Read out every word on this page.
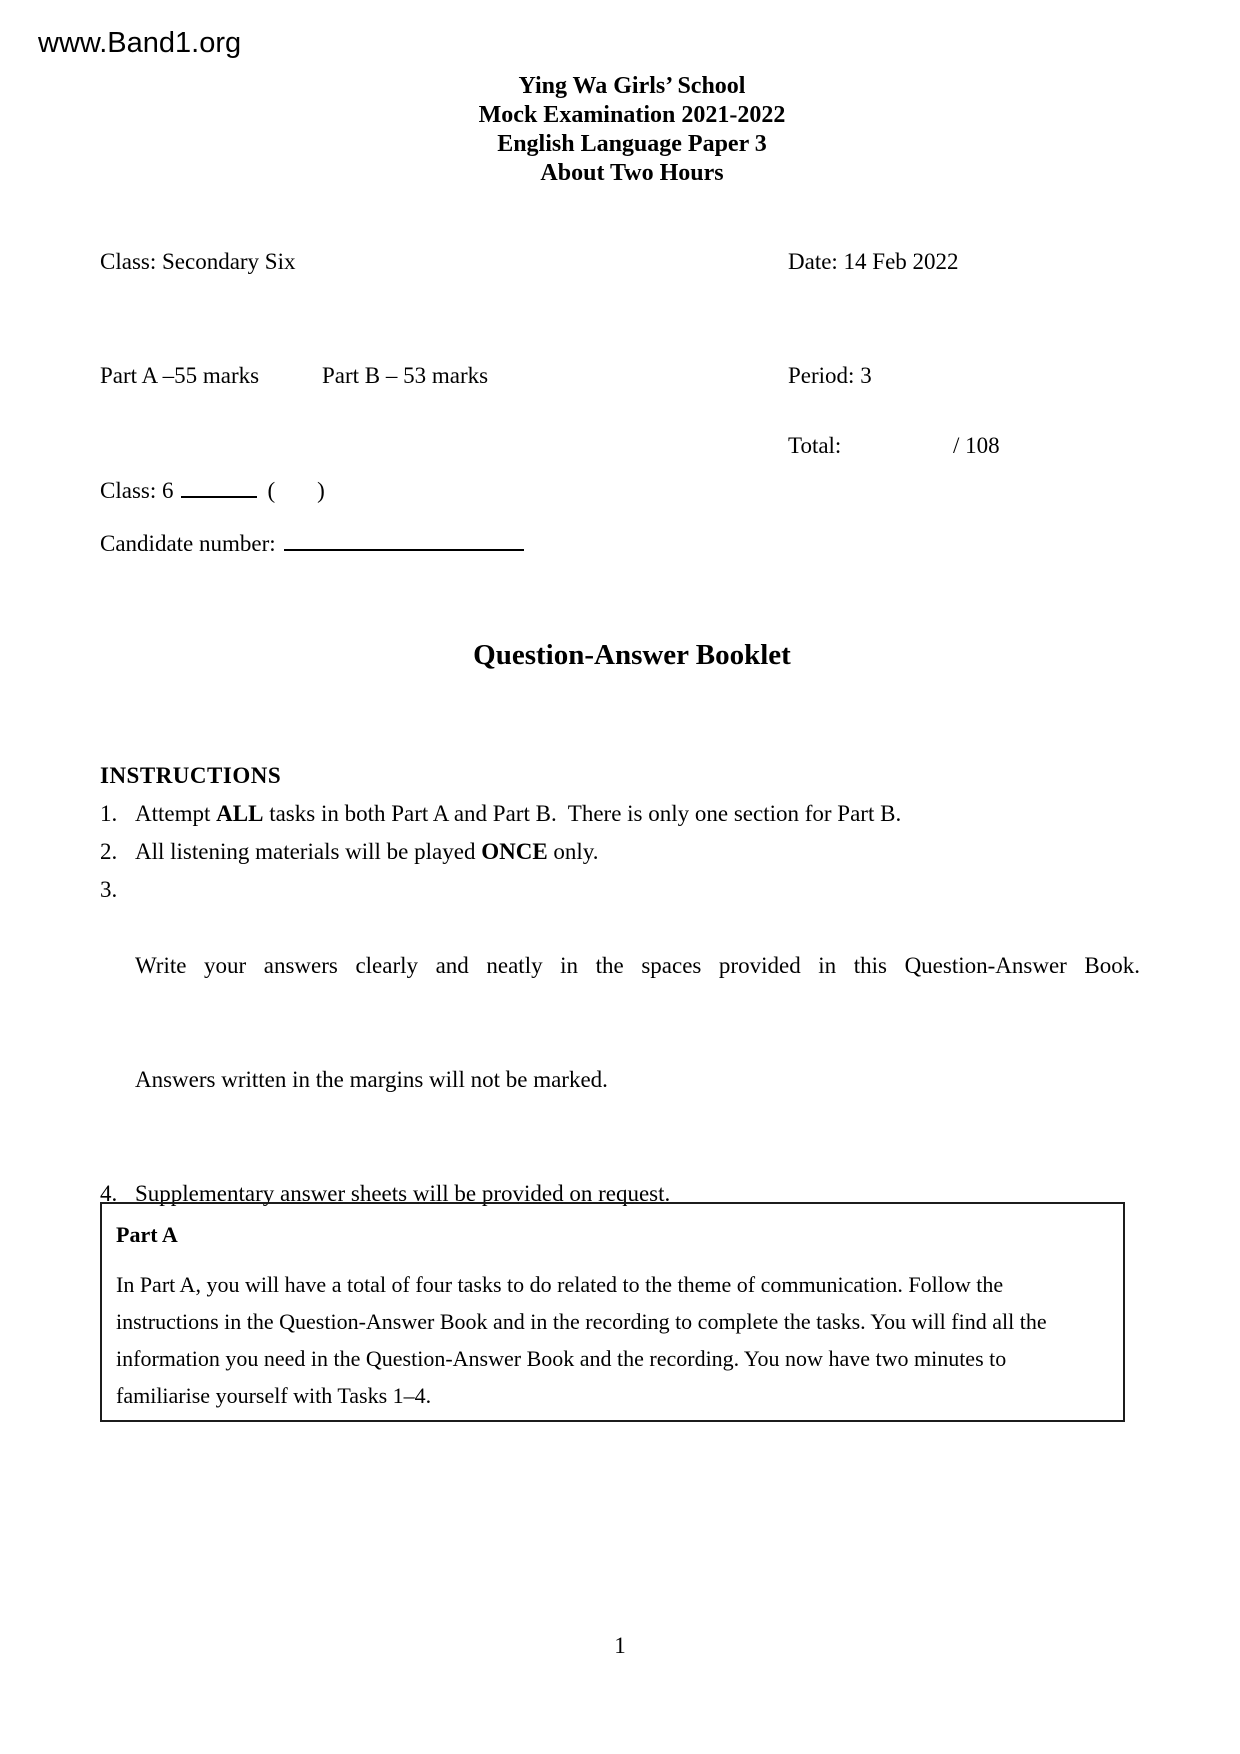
www.Band1.org
Ying Wa Girls’ School
Mock Examination 2021-2022
English Language Paper 3
About Two Hours
Class: Secondary Six	Date: 14 Feb 2022
Part A –55 marks	Part B – 53 marks	Period: 3
Total:	/ 108
Class: 6	( )
Candidate number:
Question-Answer Booklet
INSTRUCTIONS
1. Attempt ALL tasks in both Part A and Part B.  There is only one section for Part B.
2. All listening materials will be played ONCE only.
3.

Write your answers clearly and neatly in the spaces provided in this Question-Answer Book.

Answers written in the margins will not be marked.

4. Supplementary answer sheets will be provided on request.
Part A
In Part A, you will have a total of four tasks to do related to the theme of communication. Follow the instructions in the Question-Answer Book and in the recording to complete the tasks. You will find all the information you need in the Question-Answer Book and the recording. You now have two minutes to familiarise yourself with Tasks 1–4.
1
